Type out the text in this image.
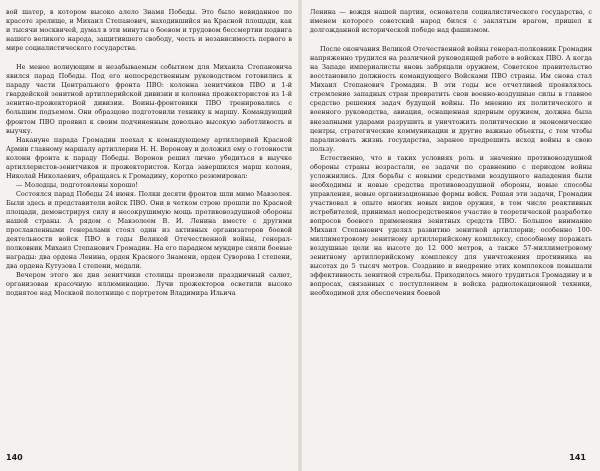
вой шатер, в котором высоко алело Знамя Победы. Это было невиданное по красоте зрелище, и Михаил Степанович, находившийся на Красной площади, как и тысячи москвичей, думал в эти минуты о боевом и трудовом бессмертии подвига нашего великого народа, защитившего свободу, честь и независимость первого в мире социалистического государства.

Не менее волнующим и незабываемым событием для Михаила Степановича явился парад Победы. Под его непосредственным руководством готовились к параду части Центрального фронта ПВО: колонна зенитчиков ПВО и 1-й гвардейской зенитной артиллерийской дивизии и колонна прожектористов из 1-й зенитно-прожекторной дивизии. Воины-фронтовики ПВО тренировались с большим подъемом. Они образцово подготовили технику к маршу. Командующий фронтом ПВО проявил к своим подчиненным довольно высокую заботливость и выучку.

Накануне парада Громадин поехал к командующему артиллерией Красной Армии главному маршалу артиллерии Н. Н. Воронову и доложил ему о готовности колонн фронта к параду Победы. Воронов решил лично убедиться в выучке артиллеристов-зенитчиков и прожектористов. Когда завершился марш колонн, Николай Николаевич, обращаясь к Громадину, коротко резюмировал:

— Молодцы, подготовлены хорошо!

Состоялся парад Победы 24 июня. Полки десяти фронтов шли мимо Мавзолея. Были здесь и представители войск ПВО. Они в четком строю прошли по Красной площади, демонстрируя силу и несокрушимую мощь противовоздушной обороны нашей страны. А рядом с Мавзолеем В. И. Ленина вместе с другими прославленными генералами стоял один из активных организаторов боевой деятельности войск ПВО в годы Великой Отечественной войны, генерал-полковник Михаил Степанович Громадин. На его парадном мундире сияли боевые награды: два ордена Ленина, орден Красного Знамени, орден Суворова I степени, два ордена Кутузова I степени, медали.

Вечером этого же дня зенитчики столицы произвели праздничный салют, организовав красочную иллюминацию. Лучи прожекторов осветили высоко поднятое над Москвой полотнище с портретом Владимира Ильича

140

Ленина — вождя нашей партии, основателя социалистического государства, с именем которого советский народ бился с заклятым врагом, пришел к долгожданной исторической победе над фашизмом.

После окончания Великой Отечественной войны генерал-полковник Громадин напряженно трудился на различной руководящей работе в войсках ПВО. А когда на Западе империалисты вновь забряцали оружием, Советское правительство восстановило должность командующего Войсками ПВО страны. Им снова стал Михаил Степанович Громадин. В эти годы все отчетливей проявлялось стремление западных стран превратить свои военно-воздушные силы в главное средство решения задач будущей войны. По мнению их политического и военного руководства, авиация, оснащенная ядерным оружием, должна была внезапными ударами разрушить и уничтожить политические и экономические центры, стратегические коммуникации и другие важные объекты, с тем чтобы парализовать жизнь государства, заранее предрешить исход войны в свою пользу.

Естественно, что в таких условиях роль и значение противовоздушной обороны страны возрастали, ее задачи по сравнению с периодом войны усложнились. Для борьбы с новыми средствами воздушного нападения были необходимы и новые средства противовоздушной обороны, новые способы управления, новые организационные формы войск. Решая эти задачи, Громадин участвовал в опыте многих новых видов оружия, в том числе реактивных истребителей, принимал непосредственное участие в теоретической разработке вопросов боевого применения зенитных средств ПВО. Большое внимание Михаил Степанович уделял развитию зенитной артиллерии; особенно 100-миллиметровому зенитному артиллерийскому комплексу, способному поражать воздушные цели на высоте до 12 000 метров, а также 57-миллиметровому зенитному артиллерийскому комплексу для уничтожения противника на высотах до 5 тысяч метров. Создание и внедрение этих комплексов повышали эффективность зенитной стрельбы. Приходилось много трудиться Громадину и в вопросах, связанных с поступлением в войска радиолокационной техники, необходимой для обеспечения боевой

141
